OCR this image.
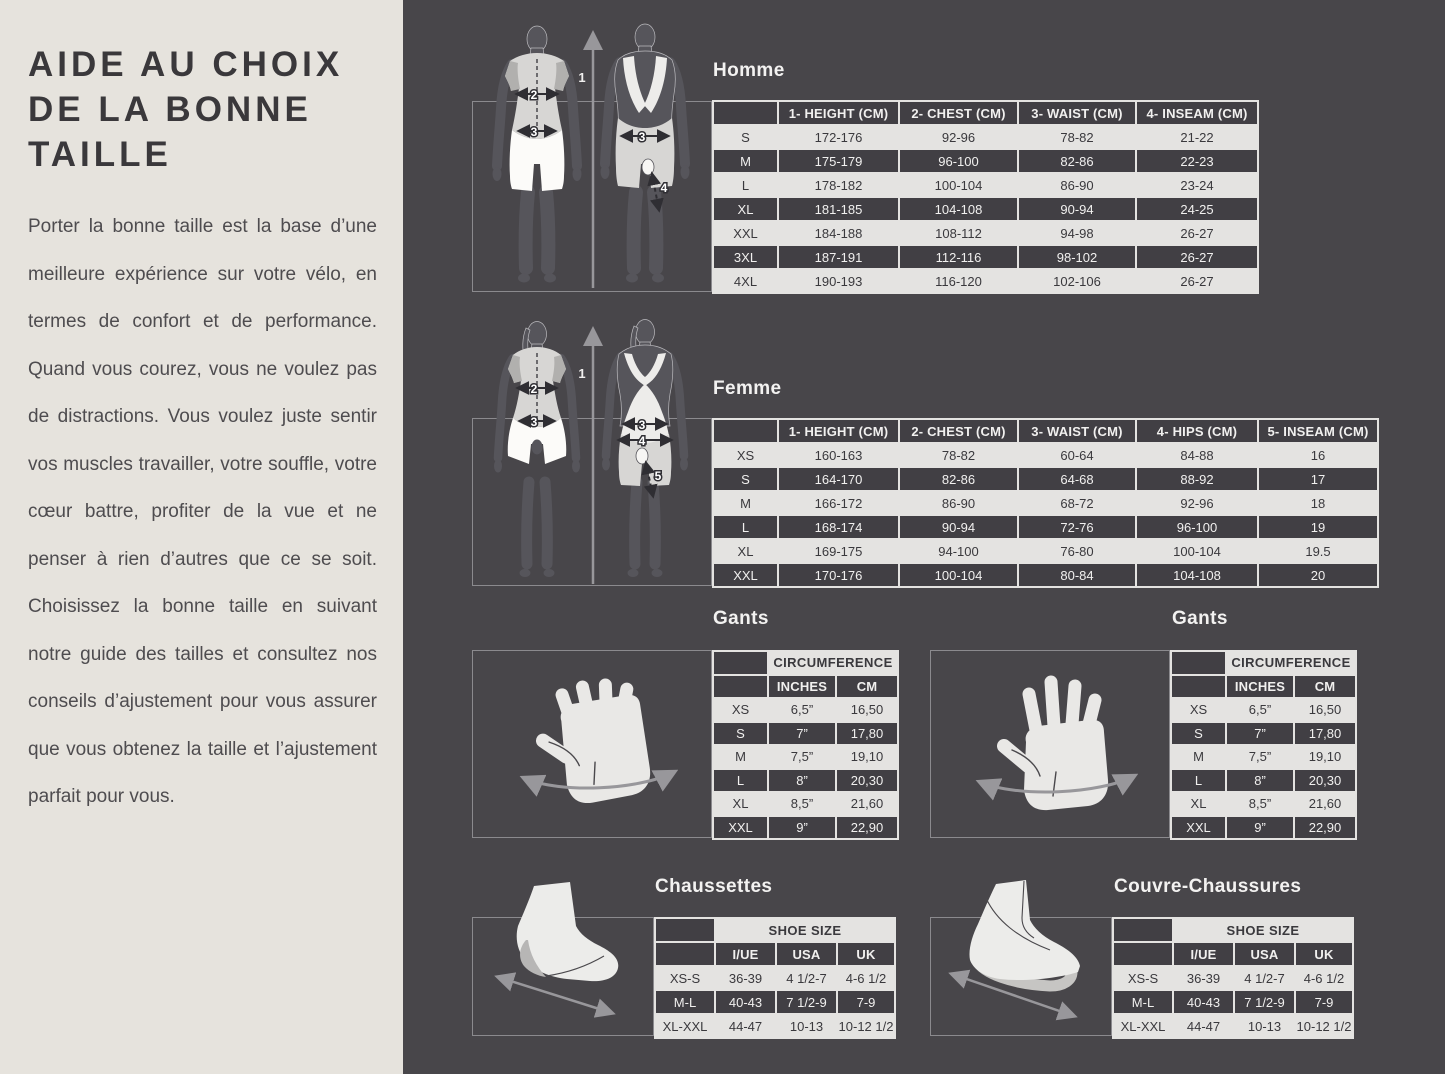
AIDE AU CHOIX DE LA BONNE TAILLE

Porter la bonne taille est la base d’une meilleure expérience sur votre vélo, en termes de confort et de performance. Quand vous courez, vous ne voulez pas de distractions. Vous voulez juste sentir vos muscles travailler, votre souffle, votre cœur battre, profiter de la vue et ne penser à rien d’autres que ce se soit. Choisissez la bonne taille en suivant notre guide des tailles et consultez nos conseils d’ajustement pour vous assurer que vous obtenez la taille et l’ajustement parfait pour vous.

2
3
1
3
4
Homme
	1- HEIGHT (CM)	2- CHEST (CM)	3- WAIST (CM)	4- INSEAM (CM)
S	172-176	92-96	78-82	21-22
M	175-179	96-100	82-86	22-23
L	178-182	100-104	86-90	23-24
XL	181-185	104-108	90-94	24-25
XXL	184-188	108-112	94-98	26-27
3XL	187-191	112-116	98-102	26-27
4XL	190-193	116-120	102-106	26-27
2
3
1
3
4
5
Femme
	1- HEIGHT (CM)	2- CHEST (CM)	3- WAIST (CM)	4- HIPS (CM)	5- INSEAM (CM)
XS	160-163	78-82	60-64	84-88	16
S	164-170	82-86	64-68	88-92	17
M	166-172	86-90	68-72	92-96	18
L	168-174	90-94	72-76	96-100	19
XL	169-175	94-100	76-80	100-104	19.5
XXL	170-176	100-104	80-84	104-108	20
Gants
	CIRCUMFERENCE	
	INCHES	CM
XS	6,5”	16,50
S	7”	17,80
M	7,5”	19,10
L	8”	20,30
XL	8,5”	21,60
XXL	9”	22,90
Gants
	CIRCUMFERENCE	
	INCHES	CM
XS	6,5”	16,50
S	7”	17,80
M	7,5”	19,10
L	8”	20,30
XL	8,5”	21,60
XXL	9”	22,90
Chaussettes
	SHOE SIZE		
	I/UE	USA	UK
XS-S	36-39	4 1/2-7	4-6 1/2
M-L	40-43	7 1/2-9	7-9
XL-XXL	44-47	10-13	10-12 1/2
Couvre-Chaussures
	SHOE SIZE		
	I/UE	USA	UK
XS-S	36-39	4 1/2-7	4-6 1/2
M-L	40-43	7 1/2-9	7-9
XL-XXL	44-47	10-13	10-12 1/2
